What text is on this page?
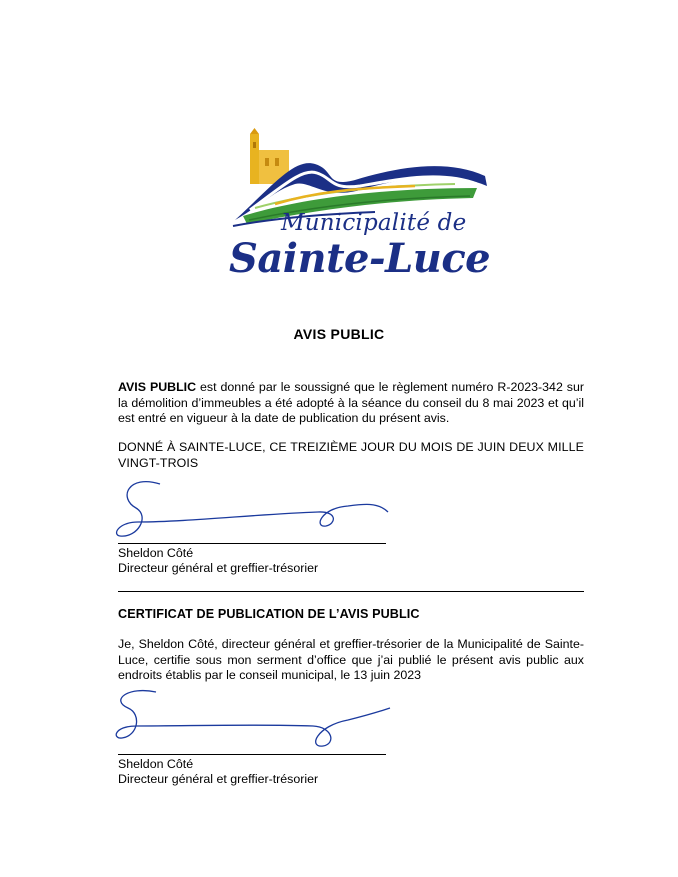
Municipalité de
Sainte-Luce
AVIS PUBLIC
AVIS PUBLIC est donné par le soussigné que le règlement numéro R-2023-342 sur la démolition d’immeubles a été adopté à la séance du conseil du 8 mai 2023 et qu’il est entré en vigueur à la date de publication du présent avis.
DONNÉ À SAINTE-LUCE, CE TREIZIÈME JOUR DU MOIS DE JUIN DEUX MILLE VINGT-TROIS
Sheldon Côté
Directeur général et greffier-trésorier
CERTIFICAT DE PUBLICATION DE L’AVIS PUBLIC
Je, Sheldon Côté, directeur général et greffier-trésorier de la Municipalité de Sainte-Luce, certifie sous mon serment d’office que j’ai publié le présent avis public aux endroits établis par le conseil municipal, le 13 juin 2023
Sheldon Côté
Directeur général et greffier-trésorier
